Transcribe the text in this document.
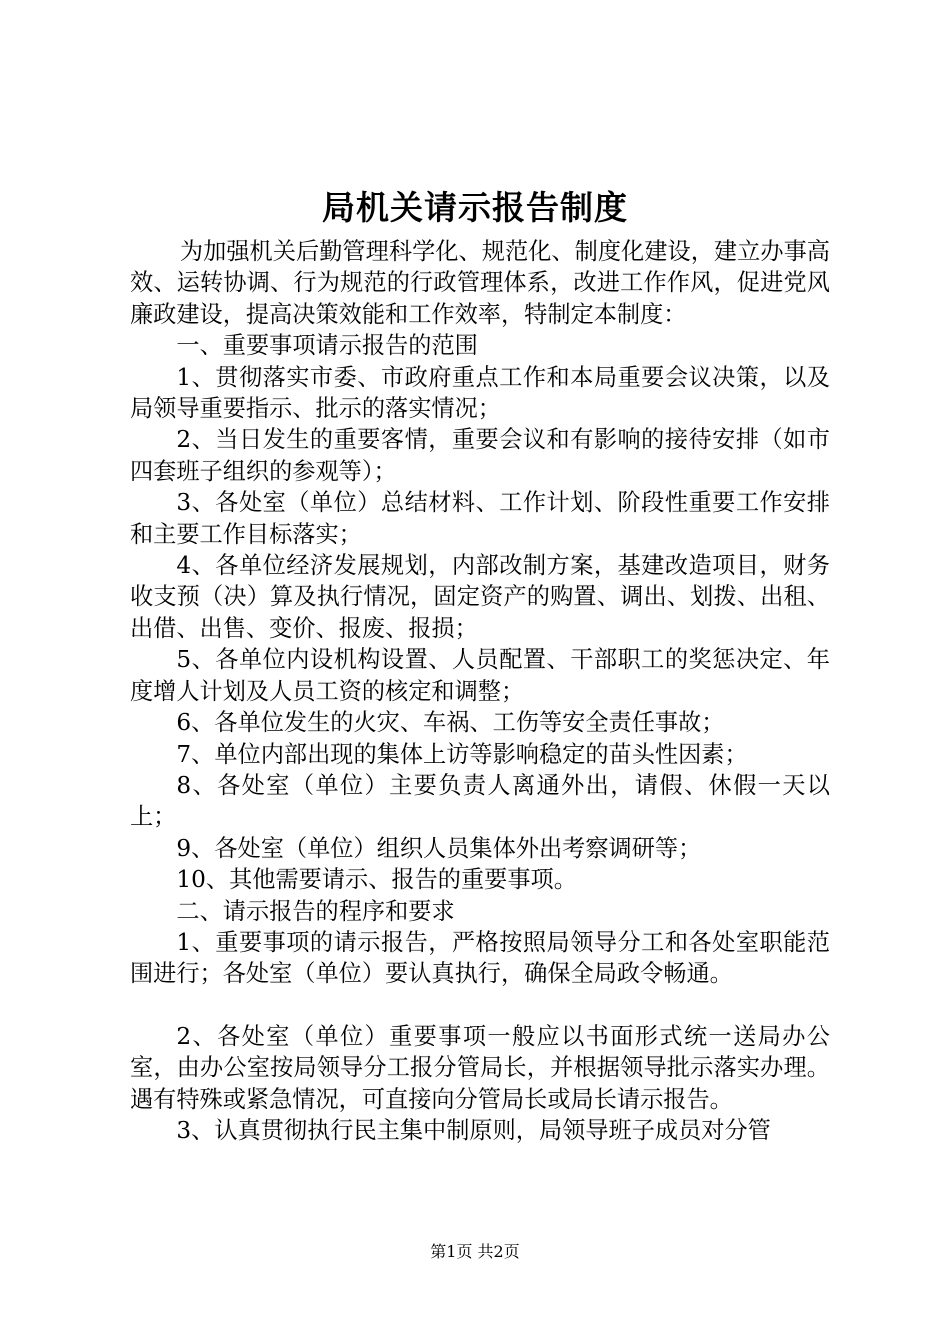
局机关请示报告制度

为加强机关后勤管理科学化、规范化、制度化建设，建立办事高效、运转协调、行为规范的行政管理体系，改进工作作风，促进党风廉政建设，提高决策效能和工作效率，特制定本制度：

一、重要事项请示报告的范围

1、贯彻落实市委、市政府重点工作和本局重要会议决策，以及局领导重要指示、批示的落实情况；

2、当日发生的重要客情，重要会议和有影响的接待安排（如市四套班子组织的参观等）；

3、各处室（单位）总结材料、工作计划、阶段性重要工作安排和主要工作目标落实；

4、各单位经济发展规划，内部改制方案，基建改造项目，财务收支预（决）算及执行情况，固定资产的购置、调出、划拨、出租、出借、出售、变价、报废、报损；

5、各单位内设机构设置、人员配置、干部职工的奖惩决定、年度增人计划及人员工资的核定和调整；

6、各单位发生的火灾、车祸、工伤等安全责任事故；

7、单位内部出现的集体上访等影响稳定的苗头性因素；

8、各处室（单位）主要负责人离通外出，请假、休假一天以上；

9、各处室（单位）组织人员集体外出考察调研等；

10、其他需要请示、报告的重要事项。

二、请示报告的程序和要求

1、重要事项的请示报告，严格按照局领导分工和各处室职能范围进行；各处室（单位）要认真执行，确保全局政令畅通。

2、各处室（单位）重要事项一般应以书面形式统一送局办公室，由办公室按局领导分工报分管局长，并根据领导批示落实办理。遇有特殊或紧急情况，可直接向分管局长或局长请示报告。

3、认真贯彻执行民主集中制原则，局领导班子成员对分管

第1页 共2页
